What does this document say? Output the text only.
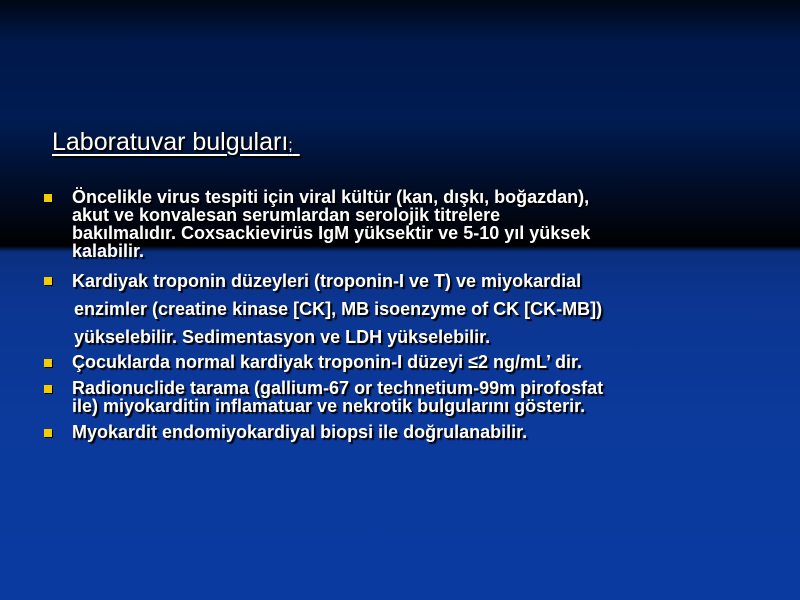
Laboratuvar bulguları;
Öncelikle virus tespiti için viral kültür (kan, dışkı, boğazdan),
akut ve konvalesan serumlardan serolojik titrelere
bakılmalıdır. Coxsackievirüs IgM yüksektir ve 5-10 yıl yüksek
kalabilir.
Kardiyak troponin düzeyleri (troponin-I ve T) ve miyokardial
enzimler (creatine kinase [CK], MB isoenzyme of CK [CK-MB])
yükselebilir. Sedimentasyon ve LDH yükselebilir.
Çocuklarda normal kardiyak troponin-I düzeyi ≤2 ng/mL’ dir.
Radionuclide tarama (gallium-67 or technetium-99m pirofosfat
ile) miyokarditin inflamatuar ve nekrotik bulgularını gösterir.
Myokardit endomiyokardiyal biopsi ile doğrulanabilir.
